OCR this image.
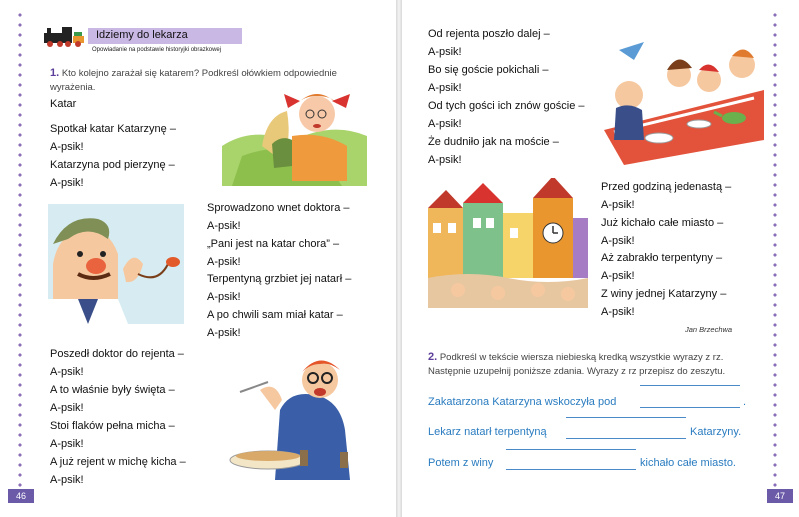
Idziemy do lekarza
Opowiadanie na podstawie historyjki obrazkowej
1. Kto kolejno zarażał się katarem? Podkreśl ołówkiem odpowiednie wyrażenia.
Katar
Spotkał katar Katarzynę –
A-psik!
Katarzyna pod pierzynę –
A-psik!
Sprowadzono wnet doktora –
A-psik!
„Pani jest na katar chora” –
A-psik!
Terpentyną grzbiet jej natarł –
A-psik!
A po chwili sam miał katar –
A-psik!
Poszedł doktor do rejenta –
A-psik!
A to właśnie były święta –
A-psik!
Stoi flaków pełna micha –
A-psik!
A już rejent w michę kicha –
A-psik!
46
Od rejenta poszło dalej –
A-psik!
Bo się goście pokichali –
A-psik!
Od tych gości ich znów goście –
A-psik!
Że dudniło jak na moście –
A-psik!
Przed godziną jedenastą –
A-psik!
Już kichało całe miasto –
A-psik!
Aż zabrakło terpentyny –
A-psik!
Z winy jednej Katarzyny –
A-psik!
Jan Brzechwa
2. Podkreśl w tekście wiersza niebieską kredką wszystkie wyrazy z rz.
Następnie uzupełnij poniższe zdania. Wyrazy z rz przepisz do zeszytu.
Zakatarzona Katarzyna wskoczyła pod	.
Lekarz natarł terpentyną	Katarzyny.
Potem z winy	kichało całe miasto.
47
